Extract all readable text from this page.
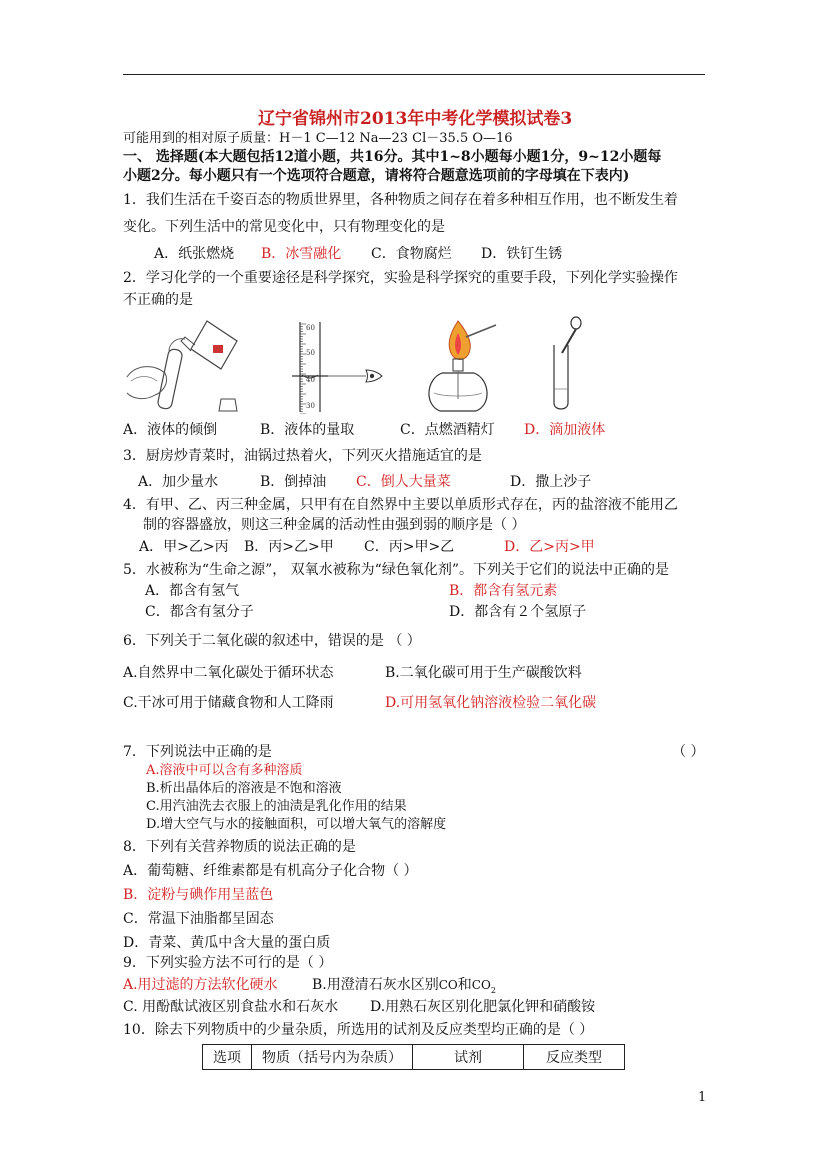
辽宁省锦州市2013年中考化学模拟试卷3
可能用到的相对原子质量：H－1 C—12 Na—23 Cl－35.5 O—16
一、 选择题(本大题包括12道小题，共16分。其中1~8小题每小题1分，9~12小题每
小题2分。每小题只有一个选项符合题意，请将符合题意选项前的字母填在下表内)
1．我们生活在千姿百态的物质世界里，各种物质之间存在着多种相互作用，也不断发生着
变化。下列生活中的常见变化中，只有物理变化的是
A．纸张燃烧 B．冰雪融化 C．食物腐烂 D．铁钉生锈
2．学习化学的一个重要途径是科学探究，实验是科学探究的重要手段，下列化学实验操作
不正确的是
60
50
40
30
A．液体的倾倒	B．液体的量取	C．点燃酒精灯 D．滴加液体
3．厨房炒青菜时，油锅过热着火，下列灭火措施适宜的是
A．加少量水	B．倒掉油 C．倒人大量菜	D．撒上沙子
4．有甲、乙、丙三种金属，只甲有在自然界中主要以单质形式存在，丙的盐溶液不能用乙
制的容器盛放，则这三种金属的活动性由强到弱的顺序是（ ）
A．甲>乙>丙 B．丙>乙>甲 C．丙>甲>乙	D．乙>丙>甲
5．水被称为“生命之源”， 双氧水被称为“绿色氧化剂”。下列关于它们的说法中正确的是
A．都含有氢气	B．都含有氢元素
C．都含有氢分子	D．都含有２个氢原子
6．下列关于二氧化碳的叙述中，错误的是 （ ）
A.自然界中二氧化碳处于循环状态	B.二氧化碳可用于生产碳酸饮料
C.干冰可用于储藏食物和人工降雨	D.可用氢氧化钠溶液检验二氧化碳
7．下列说法中正确的是	（ ）
A.溶液中可以含有多种溶质
B.析出晶体后的溶液是不饱和溶液
C.用汽油洗去衣服上的油渍是乳化作用的结果
D.增大空气与水的接触面积，可以增大氧气的溶解度
8．下列有关营养物质的说法正确的是
A．葡萄糖、纤维素都是有机高分子化合物（ ）
B．淀粉与碘作用呈蓝色
C．常温下油脂都呈固态
D．青菜、黄瓜中含大量的蛋白质
9．下列实验方法不可行的是（ ）
A.用过滤的方法软化硬水 B.用澄清石灰水区别CO和$CO_2$
C. 用酚酞试液区别食盐水和石灰水 D.用熟石灰区别化肥氯化钾和硝酸铵
10．除去下列物质中的少量杂质，所选用的试剂及反应类型均正确的是（ ）
选项	物质（括号内为杂质）	试剂	反应类型
1
